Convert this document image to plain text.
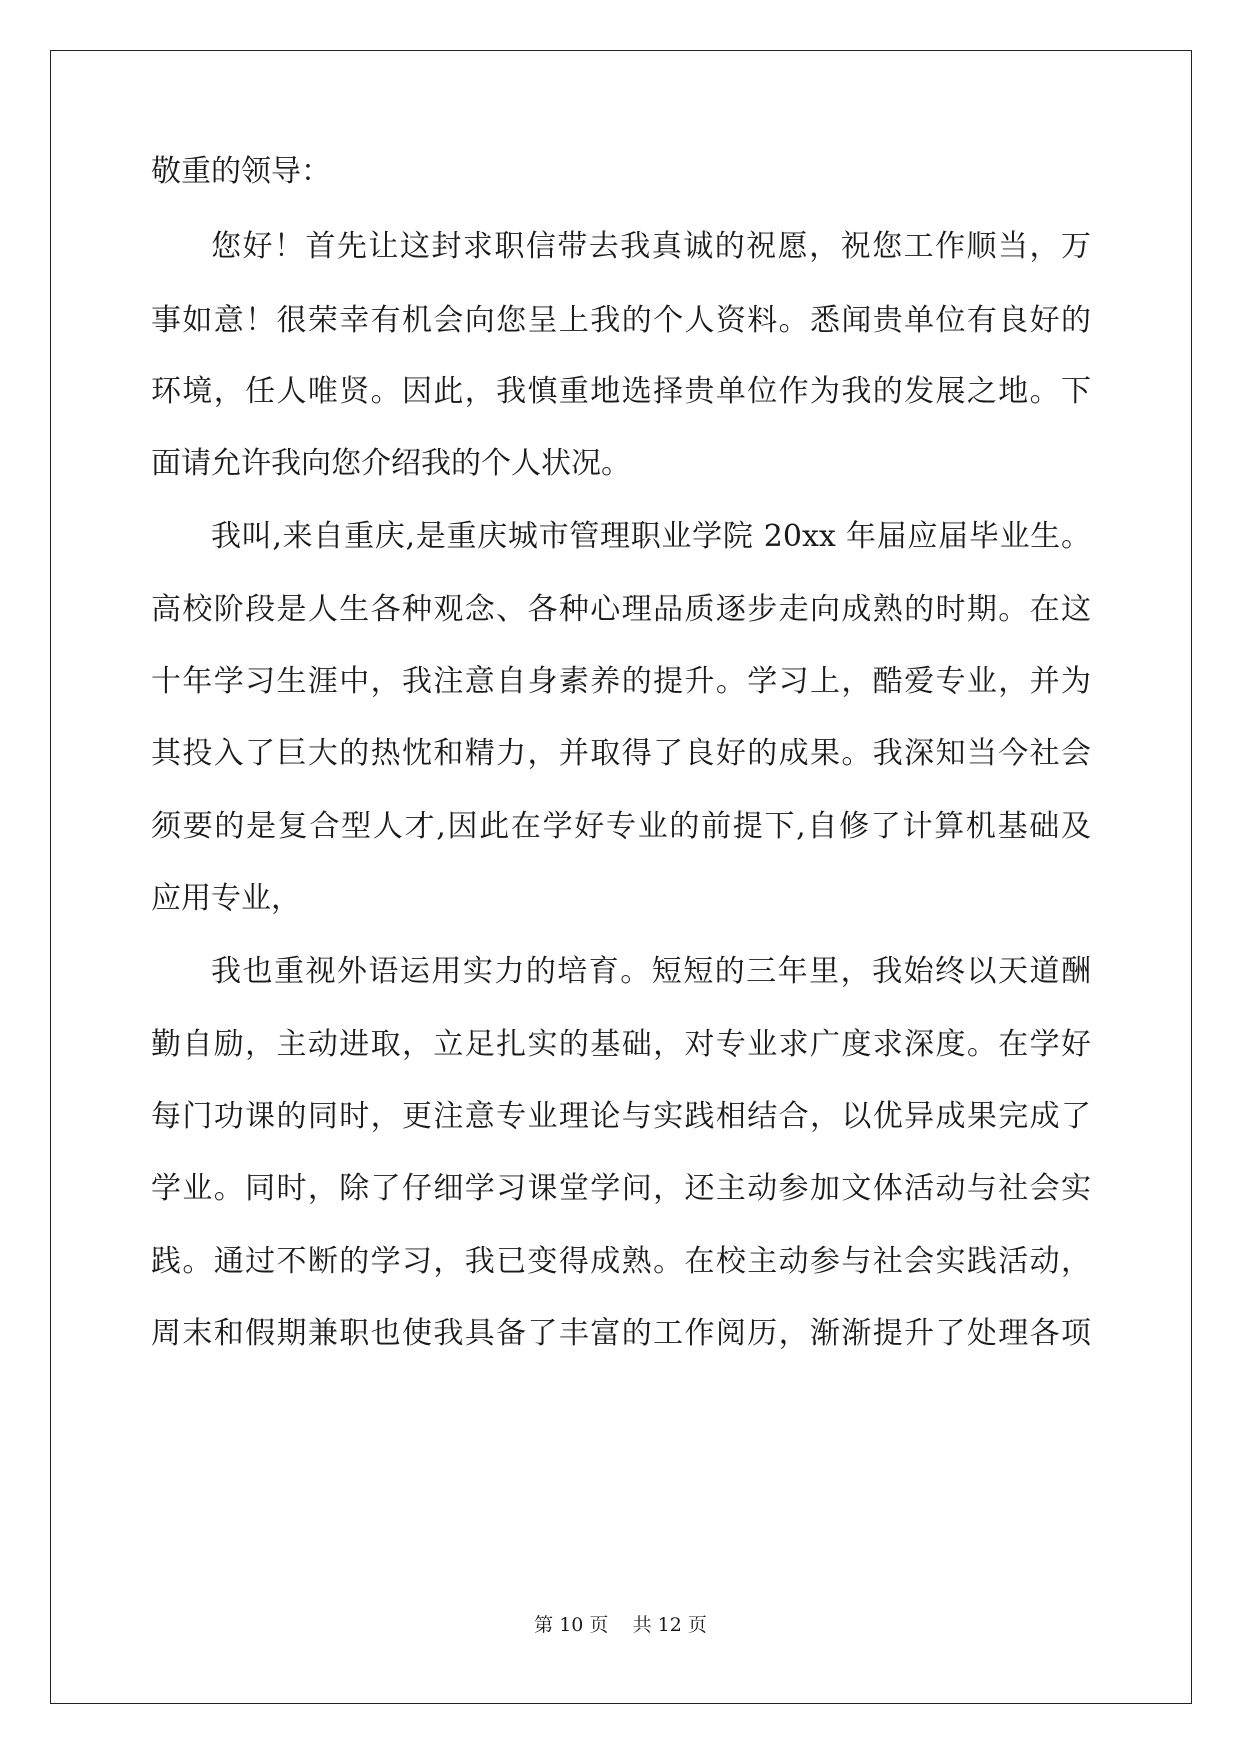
敬重的领导：
您好！首先让这封求职信带去我真诚的祝愿，祝您工作顺当，万
事如意！很荣幸有机会向您呈上我的个人资料。悉闻贵单位有良好的
环境，任人唯贤。因此，我慎重地选择贵单位作为我的发展之地。下
面请允许我向您介绍我的个人状况。
我叫,来自重庆,是重庆城市管理职业学院 20xx 年届应届毕业生。
高校阶段是人生各种观念、各种心理品质逐步走向成熟的时期。在这
十年学习生涯中，我注意自身素养的提升。学习上，酷爱专业，并为
其投入了巨大的热忱和精力，并取得了良好的成果。我深知当今社会
须要的是复合型人才,因此在学好专业的前提下,自修了计算机基础及
应用专业，
我也重视外语运用实力的培育。短短的三年里，我始终以天道酬
勤自励，主动进取，立足扎实的基础，对专业求广度求深度。在学好
每门功课的同时，更注意专业理论与实践相结合，以优异成果完成了
学业。同时，除了仔细学习课堂学问，还主动参加文体活动与社会实
践。通过不断的学习，我已变得成熟。在校主动参与社会实践活动，
周末和假期兼职也使我具备了丰富的工作阅历，渐渐提升了处理各项
第 10 页    共 12 页
